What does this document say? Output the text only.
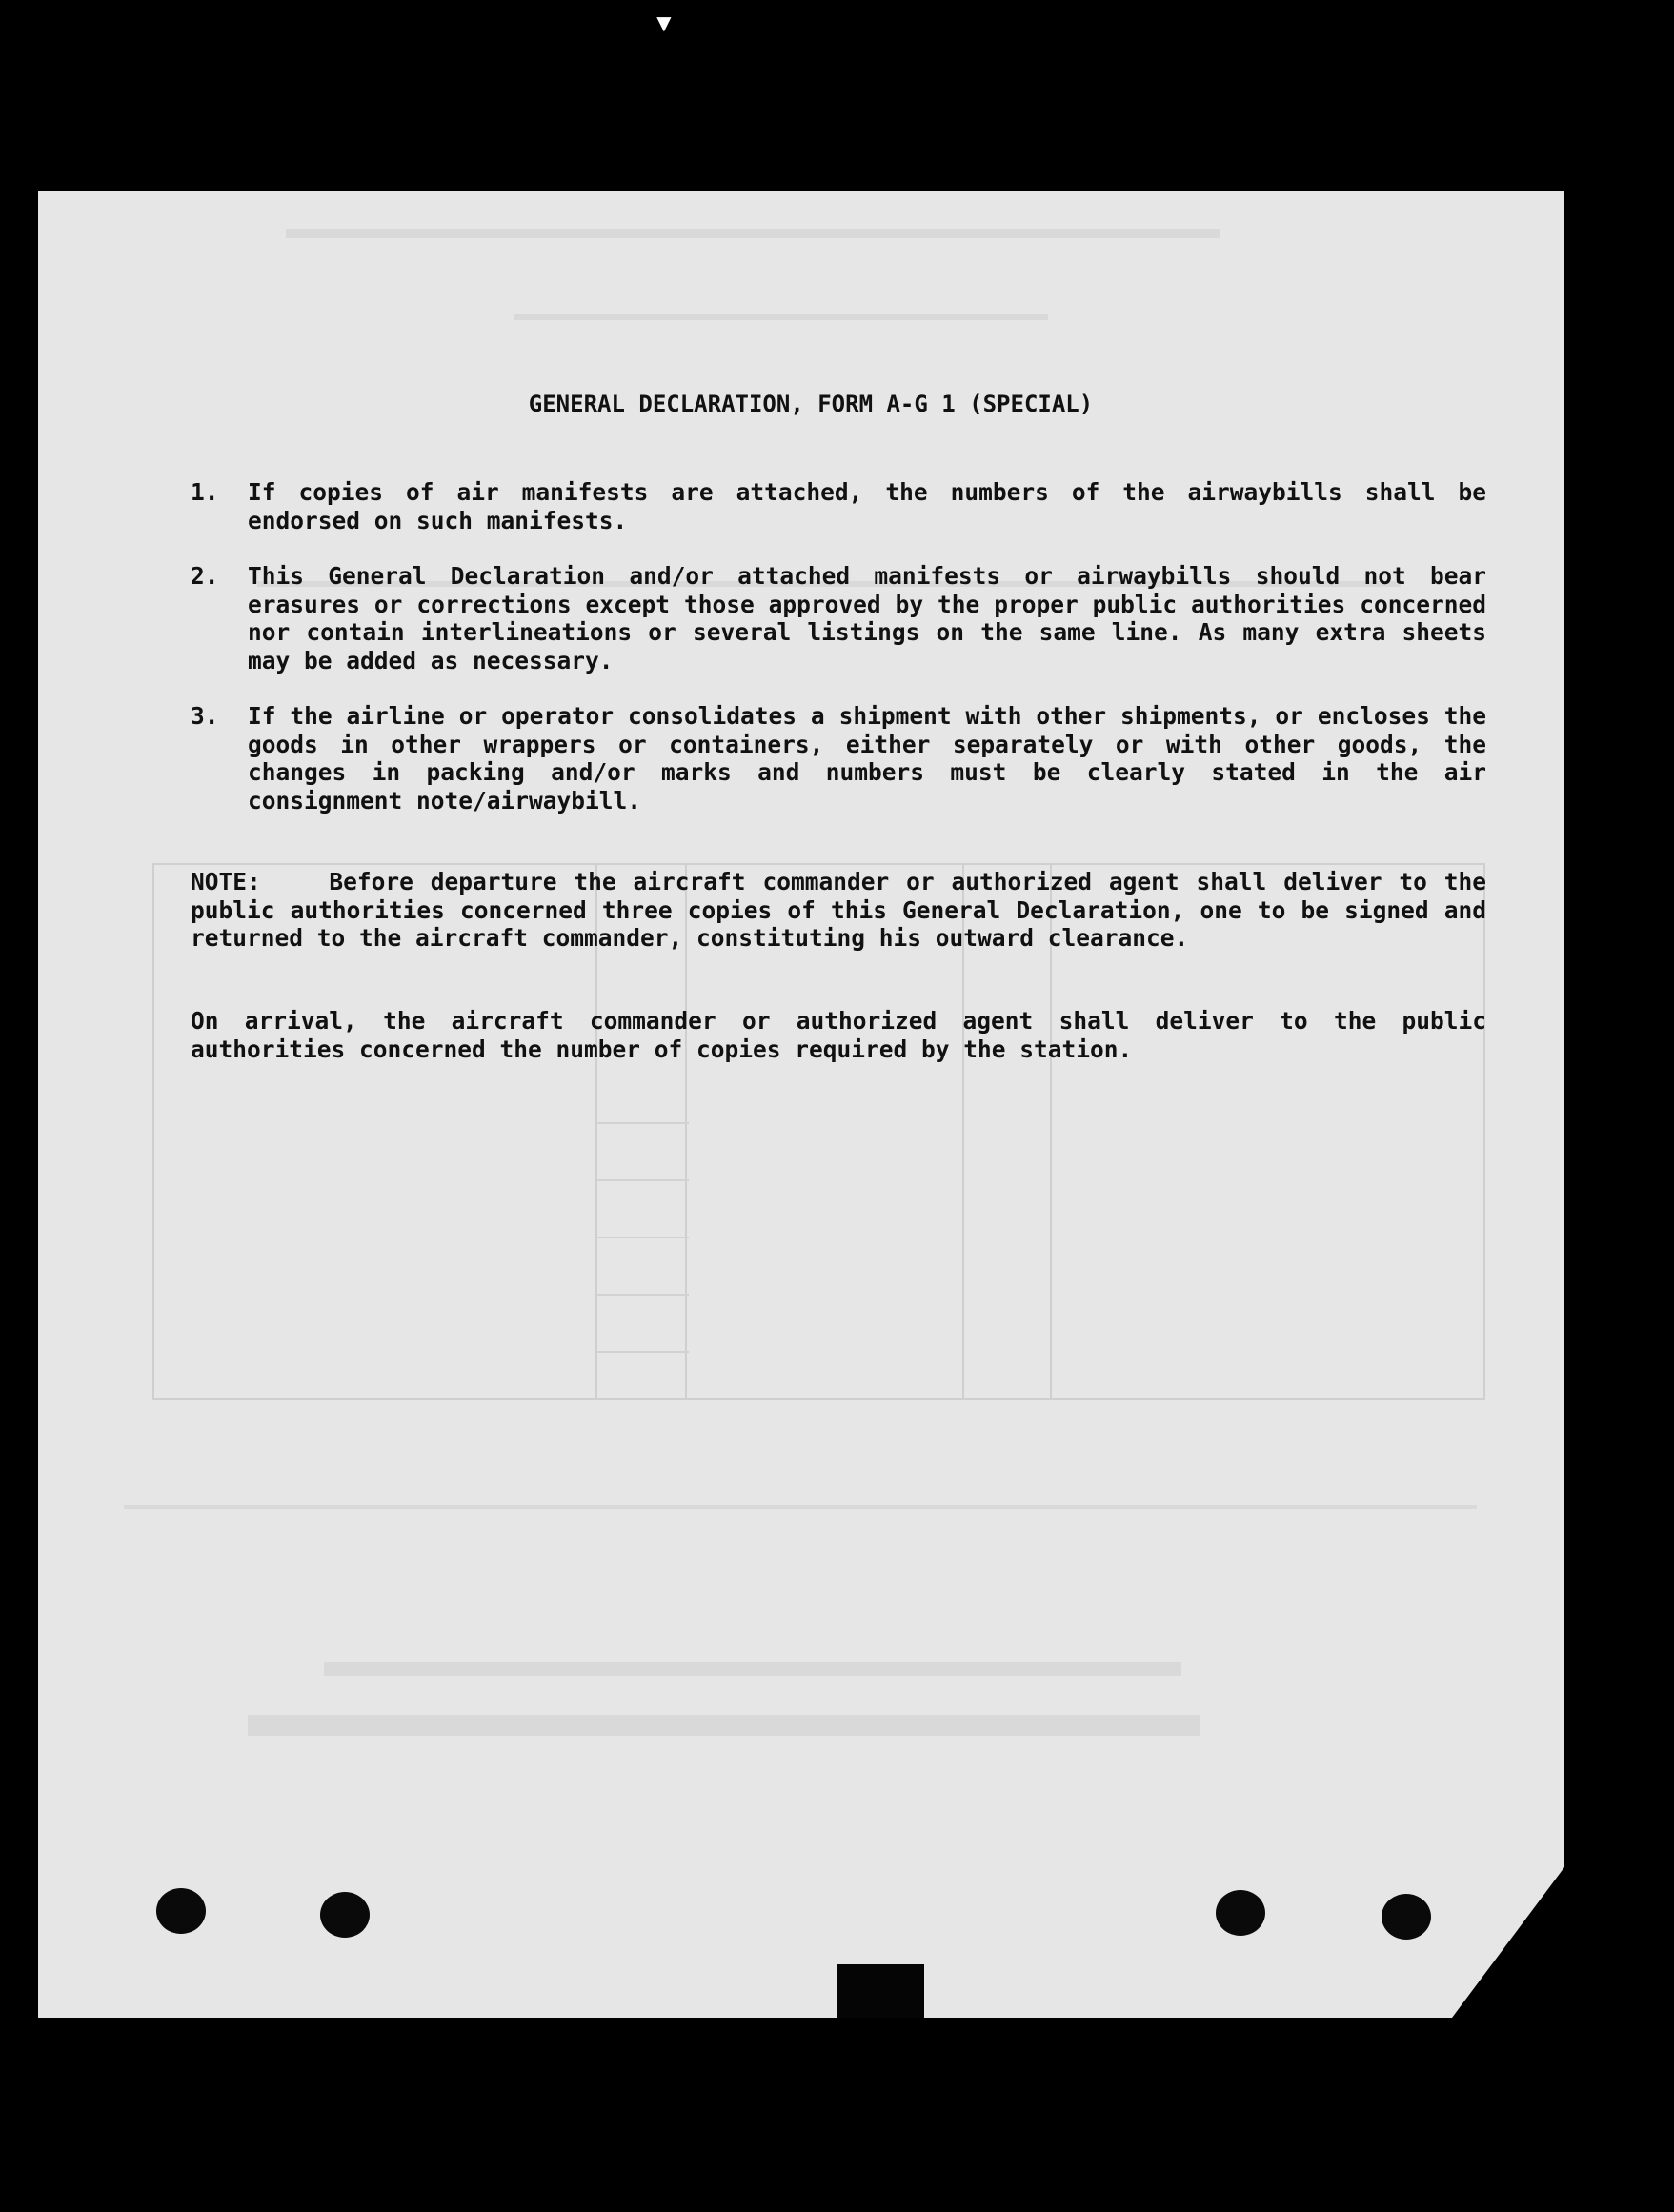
▼
GENERAL DECLARATION, FORM A-G 1 (SPECIAL)
1.	If copies of air manifests are attached, the numbers of the airwaybills shall be endorsed on such manifests.
2.	This General Declaration and/or attached manifests or airwaybills should not bear erasures or corrections except those approved by the proper public authorities concerned nor contain interlineations or several listings on the same line. As many extra sheets may be added as necessary.
3.	If the airline or operator consolidates a shipment with other shipments, or encloses the goods in other wrappers or containers, either separately or with other goods, the changes in packing and/or marks and numbers must be clearly stated in the air consignment note/airwaybill.
NOTE:    Before departure the aircraft commander or authorized agent shall deliver to the public authorities concerned three copies of this General Declaration, one to be signed and returned to the aircraft commander, constituting his outward clearance.
On arrival, the aircraft commander or authorized agent shall deliver to the public authorities concerned the number of copies required by the station.
